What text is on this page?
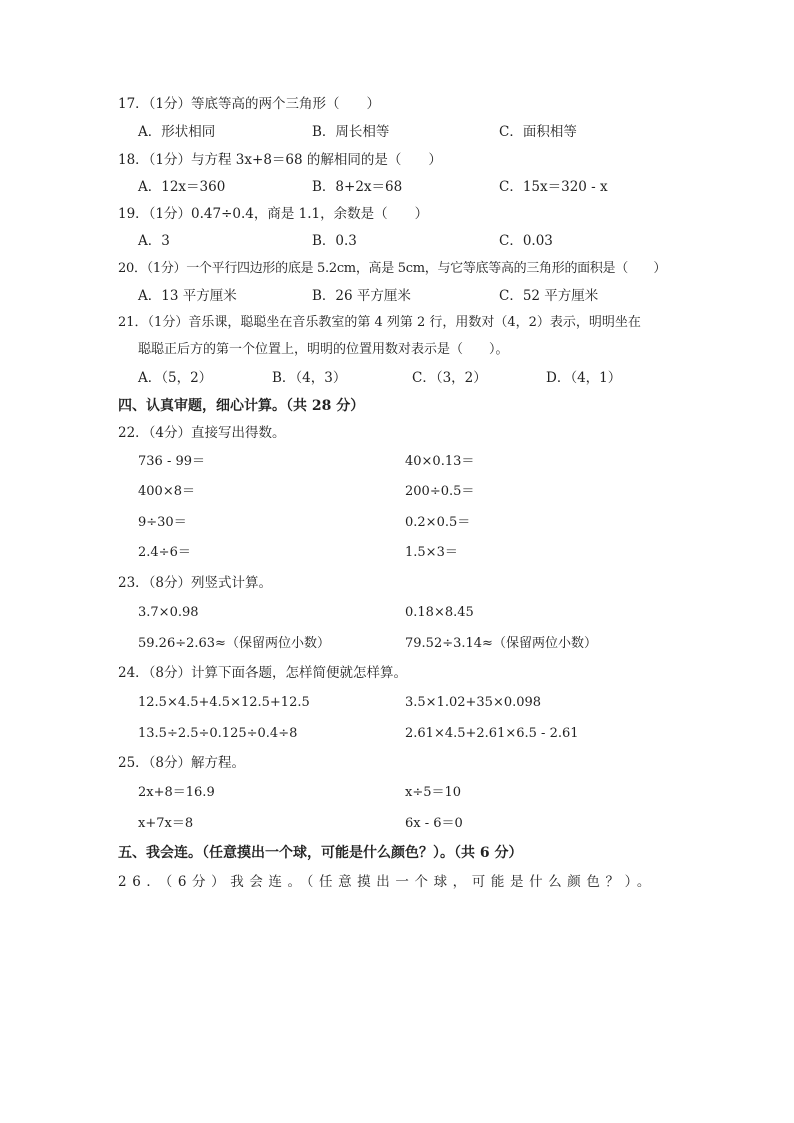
17．（1分）等底等高的两个三角形（　　）
A．形状相同	B．周长相等	C．面积相等
18．（1分）与方程 3x+8＝68 的解相同的是（　　）
A．12x＝360	B．8+2x＝68	C．15x＝320 - x
19．（1分）0.47÷0.4，商是 1.1，余数是（　　）
A．3	B．0.3	C．0.03
20．（1分）一个平行四边形的底是 5.2cm，高是 5cm，与它等底等高的三角形的面积是（　　）
A．13 平方厘米	B．26 平方厘米	C．52 平方厘米
21．（1分）音乐课，聪聪坐在音乐教室的第 4 列第 2 行，用数对（4，2）表示，明明坐在
聪聪正后方的第一个位置上，明明的位置用数对表示是（　　）。
A．（5，2）	B．（4，3）	C．（3，2）	D．（4，1）
四、认真审题，细心计算。（共 28 分）
22．（4分）直接写出得数。
736 - 99＝	40×0.13＝
400×8＝	200÷0.5＝
9÷30＝	0.2×0.5＝
2.4÷6＝	1.5×3＝
23．（8分）列竖式计算。
3.7×0.98	0.18×8.45
59.26÷2.63≈（保留两位小数）	79.52÷3.14≈（保留两位小数）
24．（8分）计算下面各题，怎样简便就怎样算。
12.5×4.5+4.5×12.5+12.5	3.5×1.02+35×0.098
13.5÷2.5÷0.125÷0.4÷8	2.61×4.5+2.61×6.5 - 2.61
25．（8分）解方程。
2x+8＝16.9	x÷5＝10
x+7x＝8	6x - 6＝0
五、我会连。（任意摸出一个球，可能是什么颜色？）。（共 6 分）
26．（6分）我会连。（任意摸出一个球，可能是什么颜色？）。
